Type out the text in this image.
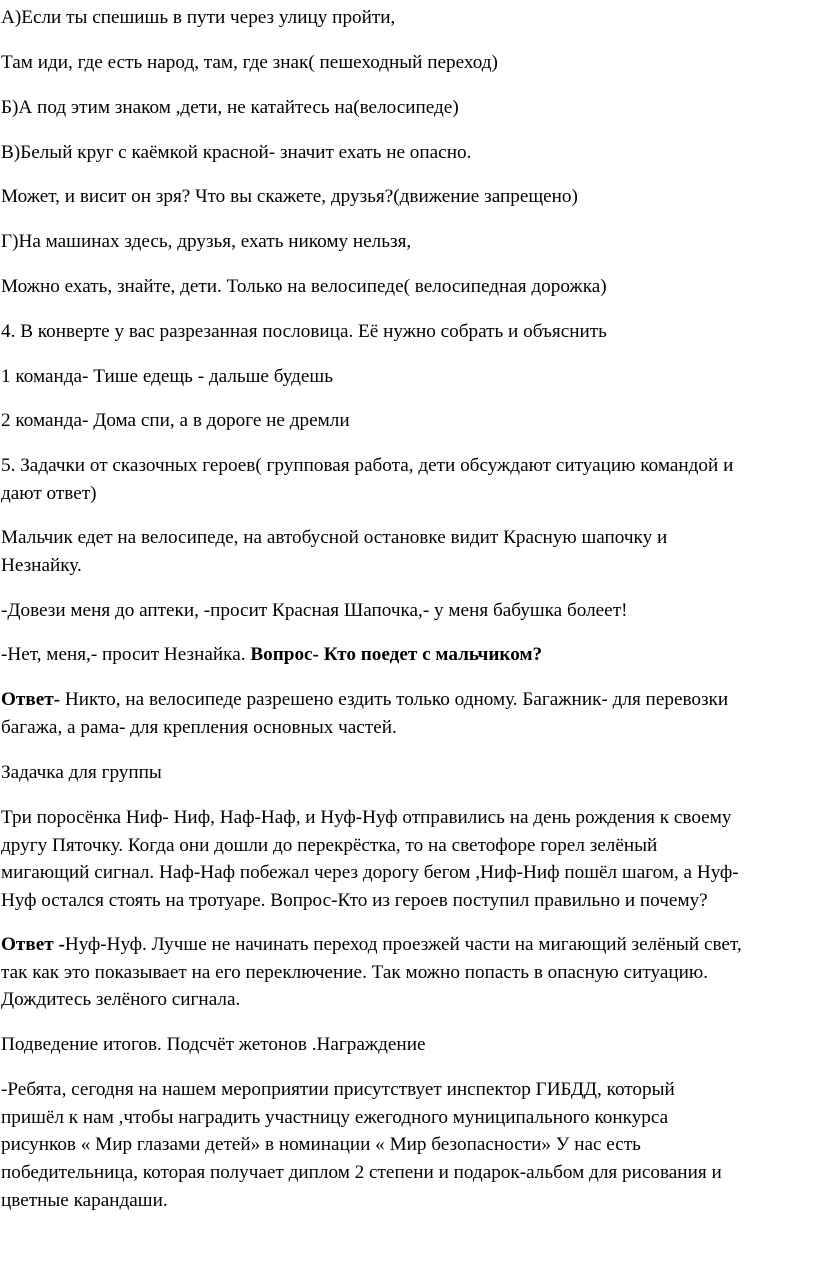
А)Если ты спешишь в пути через улицу пройти,

Там иди, где есть народ, там, где знак( пешеходный переход)

Б)А под этим знаком ,дети, не катайтесь на(велосипеде)

В)Белый круг с каёмкой красной- значит ехать не опасно.

Может, и висит он зря? Что вы скажете, друзья?(движение запрещено)

Г)На машинах здесь, друзья, ехать никому нельзя,

Можно ехать, знайте, дети. Только на велосипеде( велосипедная дорожка)

4. В конверте у вас разрезанная пословица. Её нужно собрать и объяснить

1 команда- Тише едещь - дальше будешь

2 команда- Дома спи, а в дороге не дремли

5. Задачки от сказочных героев( групповая работа, дети обсуждают ситуацию командой и

дают ответ)

Мальчик едет на велосипеде, на автобусной остановке видит Красную шапочку и

Незнайку.

-Довези меня до аптеки, -просит Красная Шапочка,- у меня бабушка болеет!

-Нет, меня,- просит Незнайка. Вопрос- Кто поедет с мальчиком?

Ответ- Никто, на велосипеде разрешено ездить только одному. Багажник- для перевозки

багажа, а рама- для крепления основных частей.

Задачка для группы

Три поросёнка Ниф- Ниф, Наф-Наф, и Нуф-Нуф отправились на день рождения к своему

другу Пяточку. Когда они дошли до перекрёстка, то на светофоре горел зелёный

мигающий сигнал. Наф-Наф побежал через дорогу бегом ,Ниф-Ниф пошёл шагом, а Нуф-

Нуф остался стоять на тротуаре. Вопрос-Кто из героев поступил правильно и почему?

Ответ -Нуф-Нуф. Лучше не начинать переход проезжей части на мигающий зелёный свет,

так как это показывает на его переключение. Так можно попасть в опасную ситуацию.

Дождитесь зелёного сигнала.

Подведение итогов. Подсчёт жетонов .Награждение

-Ребята, сегодня на нашем мероприятии присутствует инспектор ГИБДД, который

пришёл к нам ,чтобы наградить участницу ежегодного муниципального конкурса

рисунков « Мир глазами детей» в номинации « Мир безопасности» У нас есть

победительница, которая получает диплом 2 степени и подарок-альбом для рисования и

цветные карандаши.
